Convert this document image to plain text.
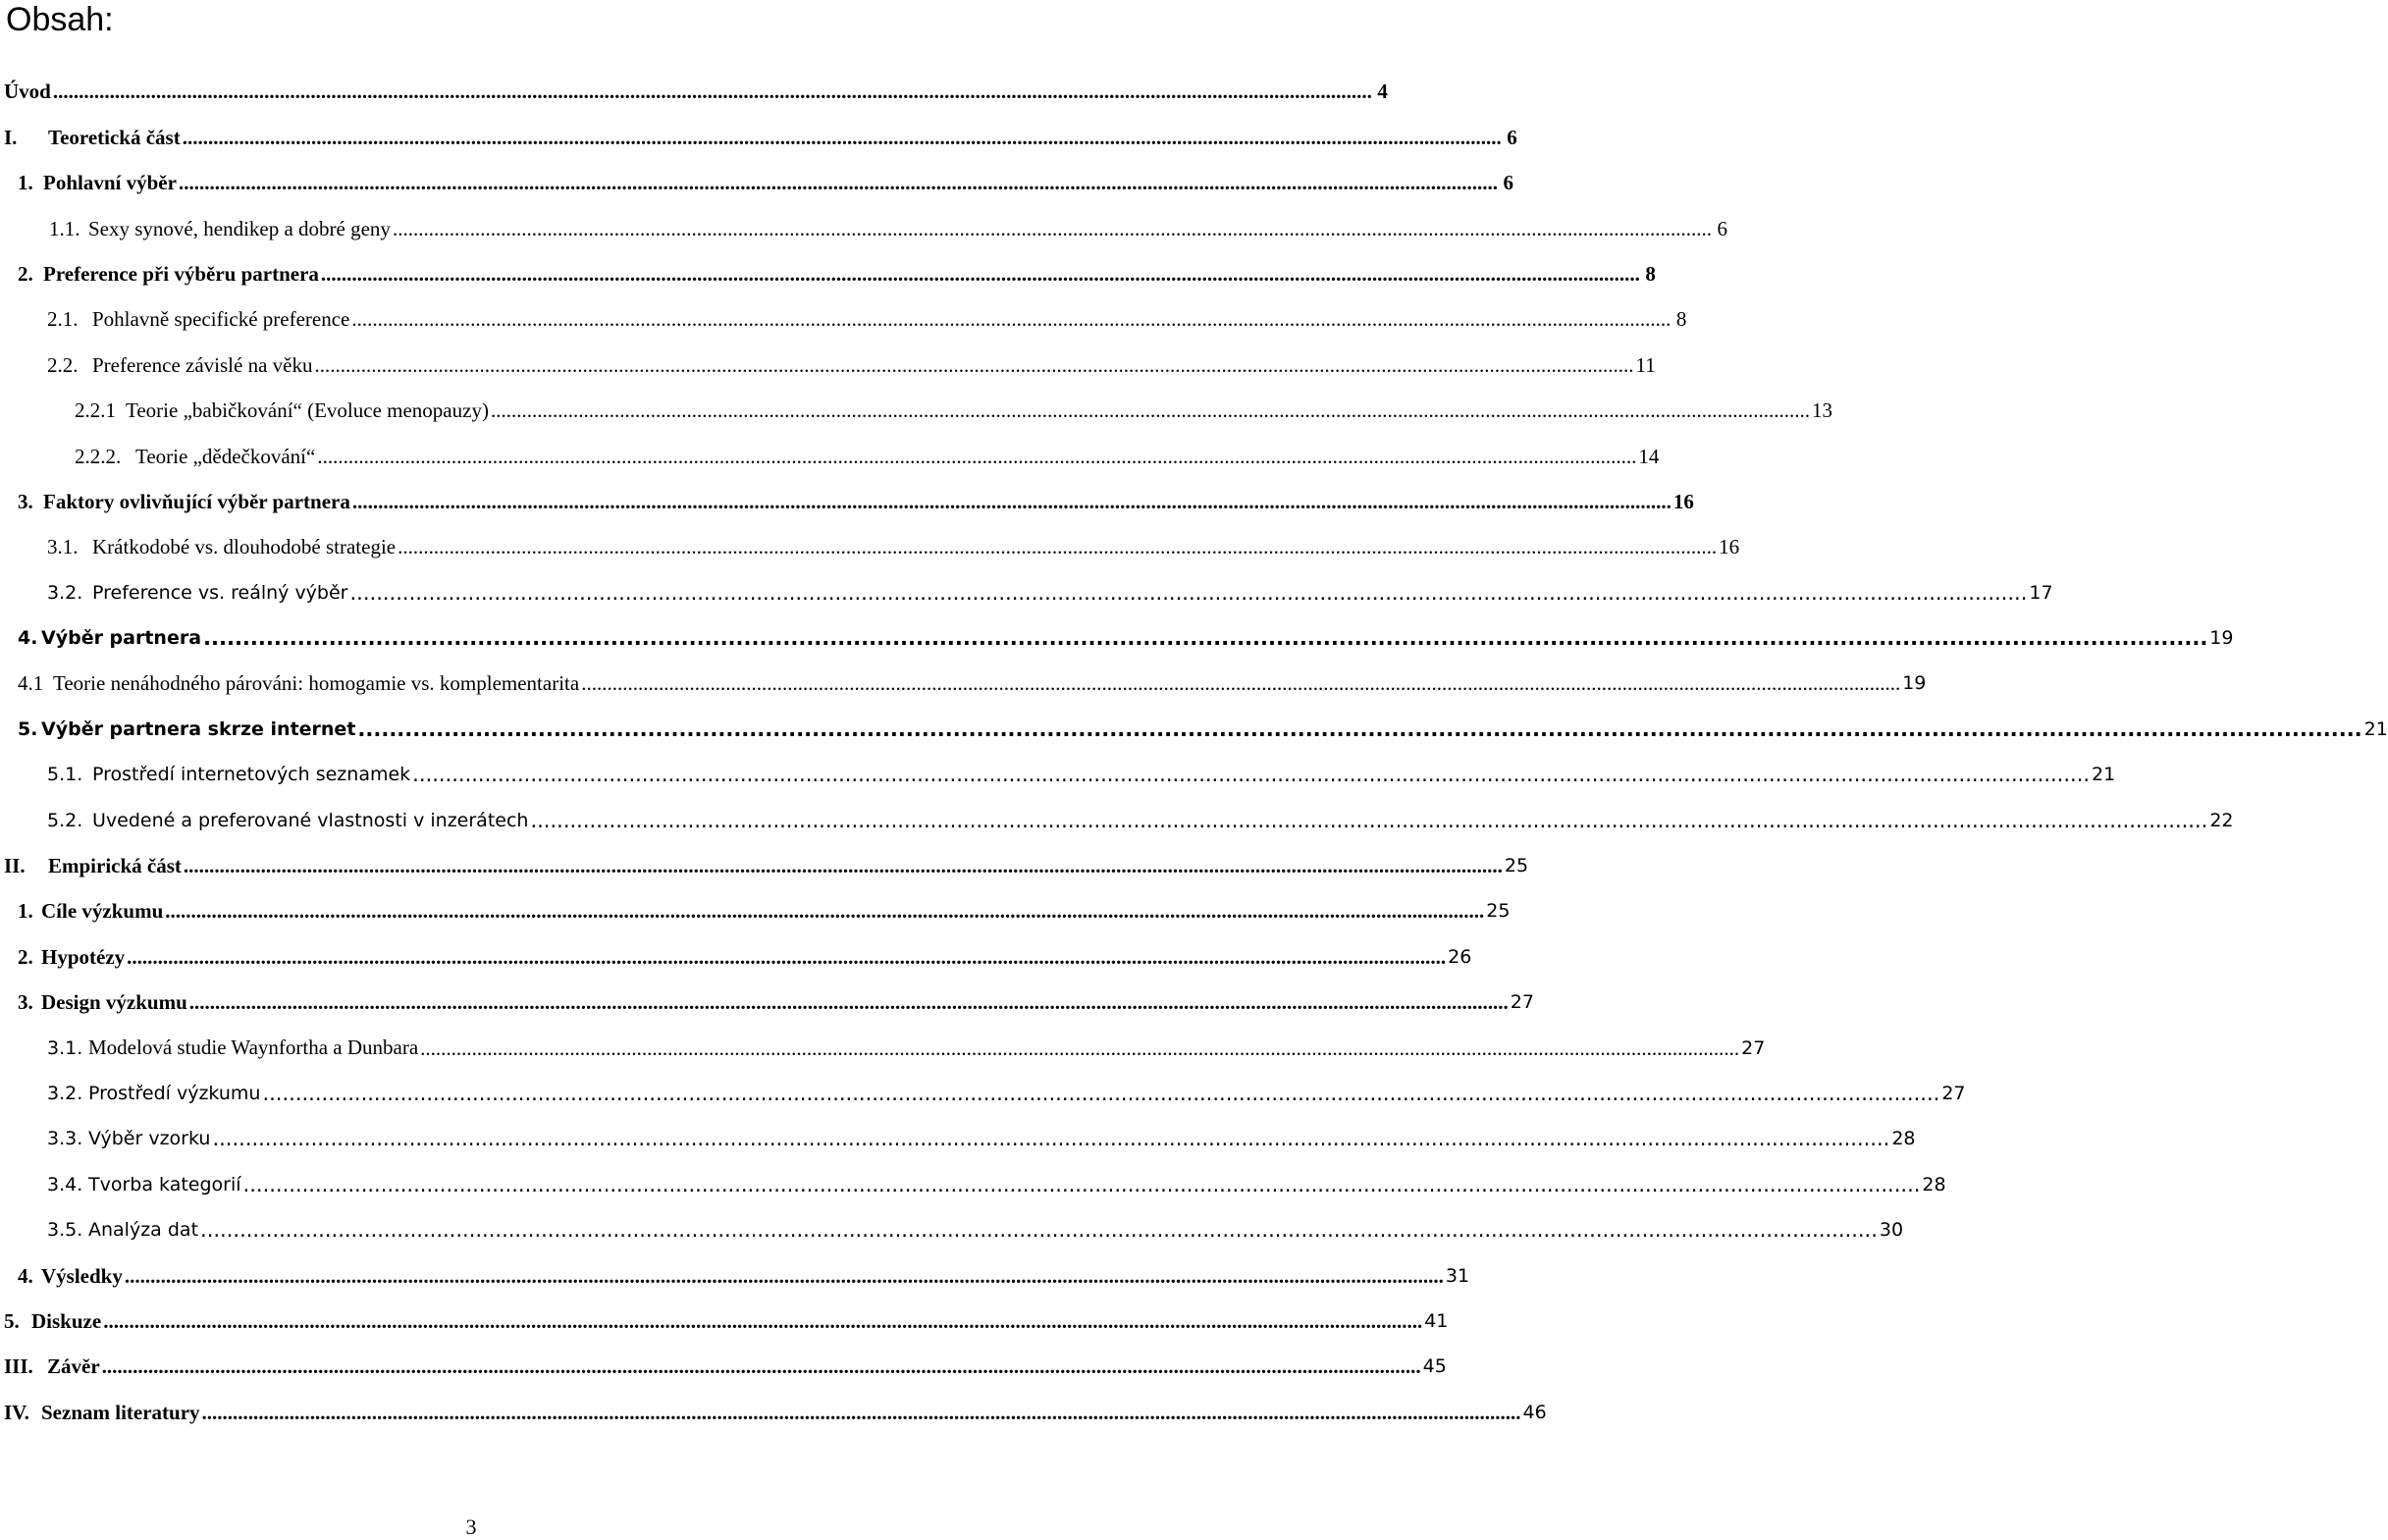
Obsah:
Úvod .....	4
I. Teoretická část .....	6
1. Pohlavní výběr .....	6
1.1. Sexy synové, hendikep a dobré geny .....	6
2. Preference při výběru partnera .....	8
2.1. Pohlavně specifické preference .....	8
2.2. Preference závislé na věku .....	11
2.2.1 Teorie „babičkování“ (Evoluce menopauzy) .....	13
2.2.2. Teorie „dědečkování“ .....	14
3. Faktory ovlivňující výběr partnera .....	16
3.1. Krátkodobé vs. dlouhodobé strategie .....	16
3.2. Preference vs. reálný výběr .....	17
4. Výběr partnera .....	19
4.1 Teorie nenáhodného párováni: homogamie vs. komplementarita .....	19
5. Výběr partnera skrze internet .....	21
5.1. Prostředí internetových seznamek .....	21
5.2. Uvedené a preferované vlastnosti v inzerátech .....	22
II. Empirická část .....	25
1. Cíle výzkumu .....	25
2. Hypotézy .....	26
3. Design výzkumu .....	27
3.1. Modelová studie Waynfortha a Dunbara .....	27
3.2. Prostředí výzkumu .....	27
3.3. Výběr vzorku .....	28
3.4. Tvorba kategorií .....	28
3.5. Analýza dat .....	30
4. Výsledky .....	31
5. Diskuze .....	41
III. Závěr .....	45
IV. Seznam literatury .....	46
3
